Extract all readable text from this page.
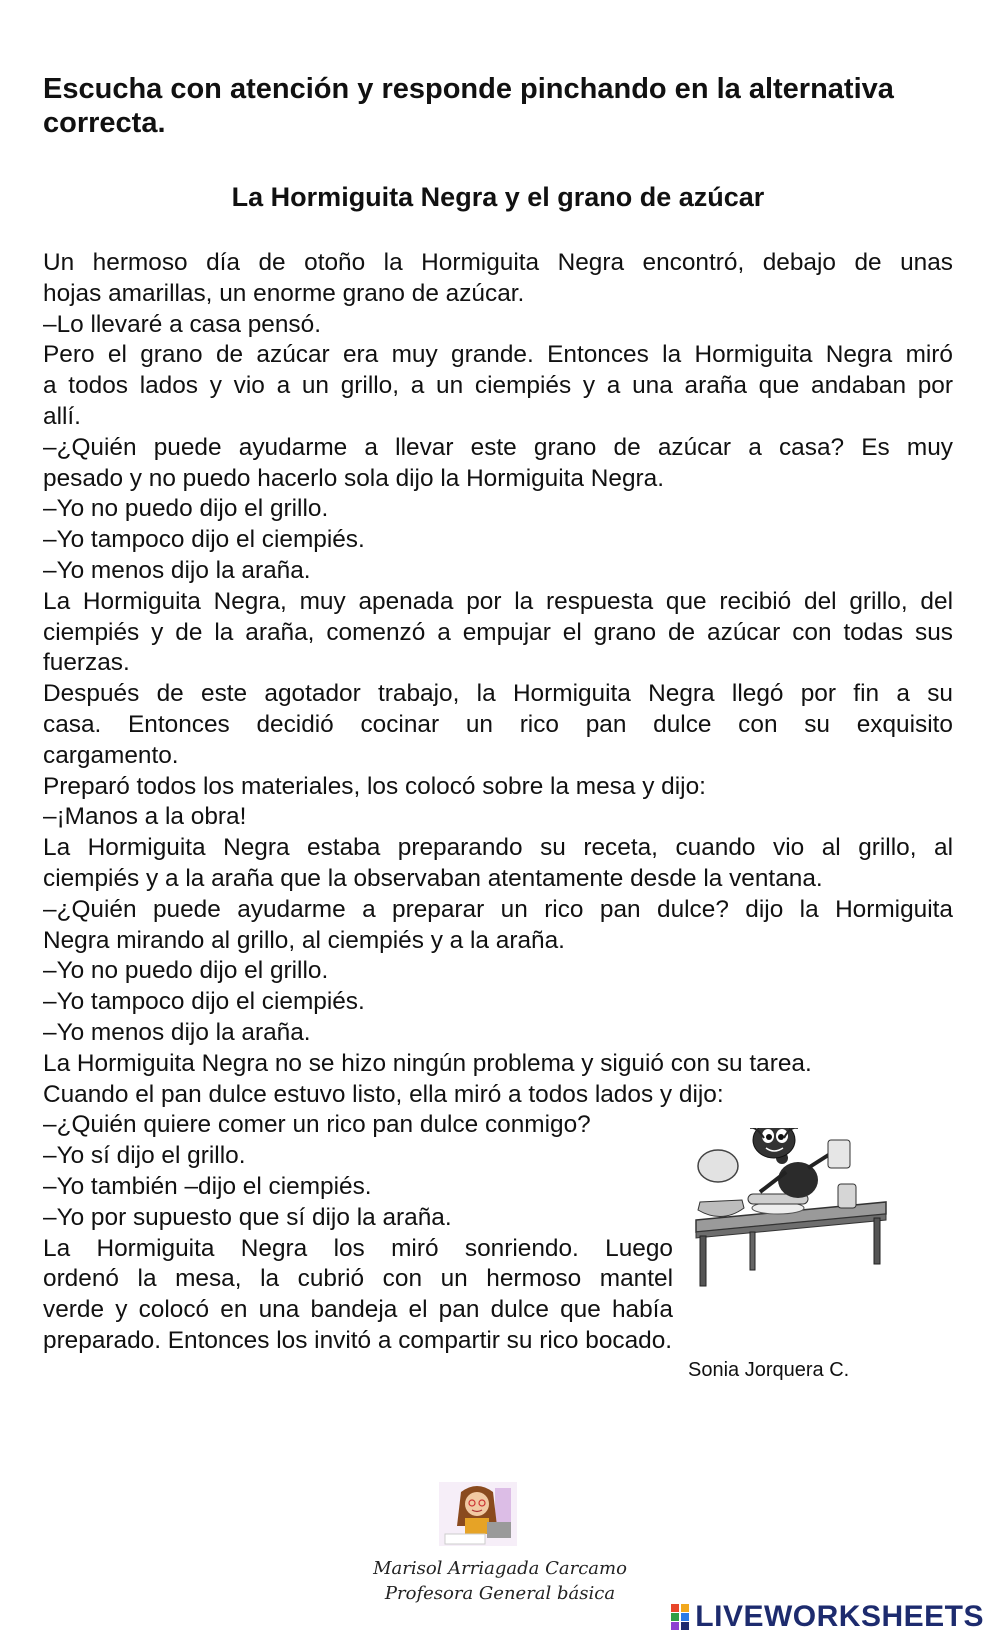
Escucha con atención y responde pinchando en la alternativa correcta.
La Hormiguita Negra y el grano de azúcar
Un hermoso día de otoño la Hormiguita Negra encontró, debajo de unas
hojas amarillas, un enorme grano de azúcar.
–Lo llevaré a casa pensó.
Pero el grano de azúcar era muy grande. Entonces la Hormiguita Negra miró
a todos lados y vio a un grillo, a un ciempiés y a una araña que andaban por
allí.
–¿Quién puede ayudarme a llevar este grano de azúcar a casa? Es muy
pesado y no puedo hacerlo sola dijo la Hormiguita Negra.
–Yo no puedo dijo el grillo.
–Yo tampoco dijo el ciempiés.
–Yo menos dijo la araña.
La Hormiguita Negra, muy apenada por la respuesta que recibió del grillo, del
ciempiés y de la araña, comenzó a empujar el grano de azúcar con todas sus
fuerzas.
Después de este agotador trabajo, la Hormiguita Negra llegó por fin a su
casa. Entonces decidió cocinar un rico pan dulce con su exquisito
cargamento.
Preparó todos los materiales, los colocó sobre la mesa y dijo:
–¡Manos a la obra!
La Hormiguita Negra estaba preparando su receta, cuando vio al grillo, al
ciempiés y a la araña que la observaban atentamente desde la ventana.
–¿Quién puede ayudarme a preparar un rico pan dulce? dijo la Hormiguita
Negra mirando al grillo, al ciempiés y a la araña.
–Yo no puedo dijo el grillo.
–Yo tampoco dijo el ciempiés.
–Yo menos dijo la araña.
La Hormiguita Negra no se hizo ningún problema y siguió con su tarea.
Cuando el pan dulce estuvo listo, ella miró a todos lados y dijo:
–¿Quién quiere comer un rico pan dulce conmigo?
–Yo sí dijo el grillo.
–Yo también –dijo el ciempiés.
–Yo por supuesto que sí dijo la araña.
La Hormiguita Negra los miró sonriendo. Luego
ordenó la mesa, la cubrió con un hermoso mantel
verde y colocó en una bandeja el pan dulce que había
preparado. Entonces los invitó a compartir su rico bocado.
Sonia Jorquera C.
Marisol Arriagada Carcamo
Profesora General básica
LIVEWORKSHEETS
